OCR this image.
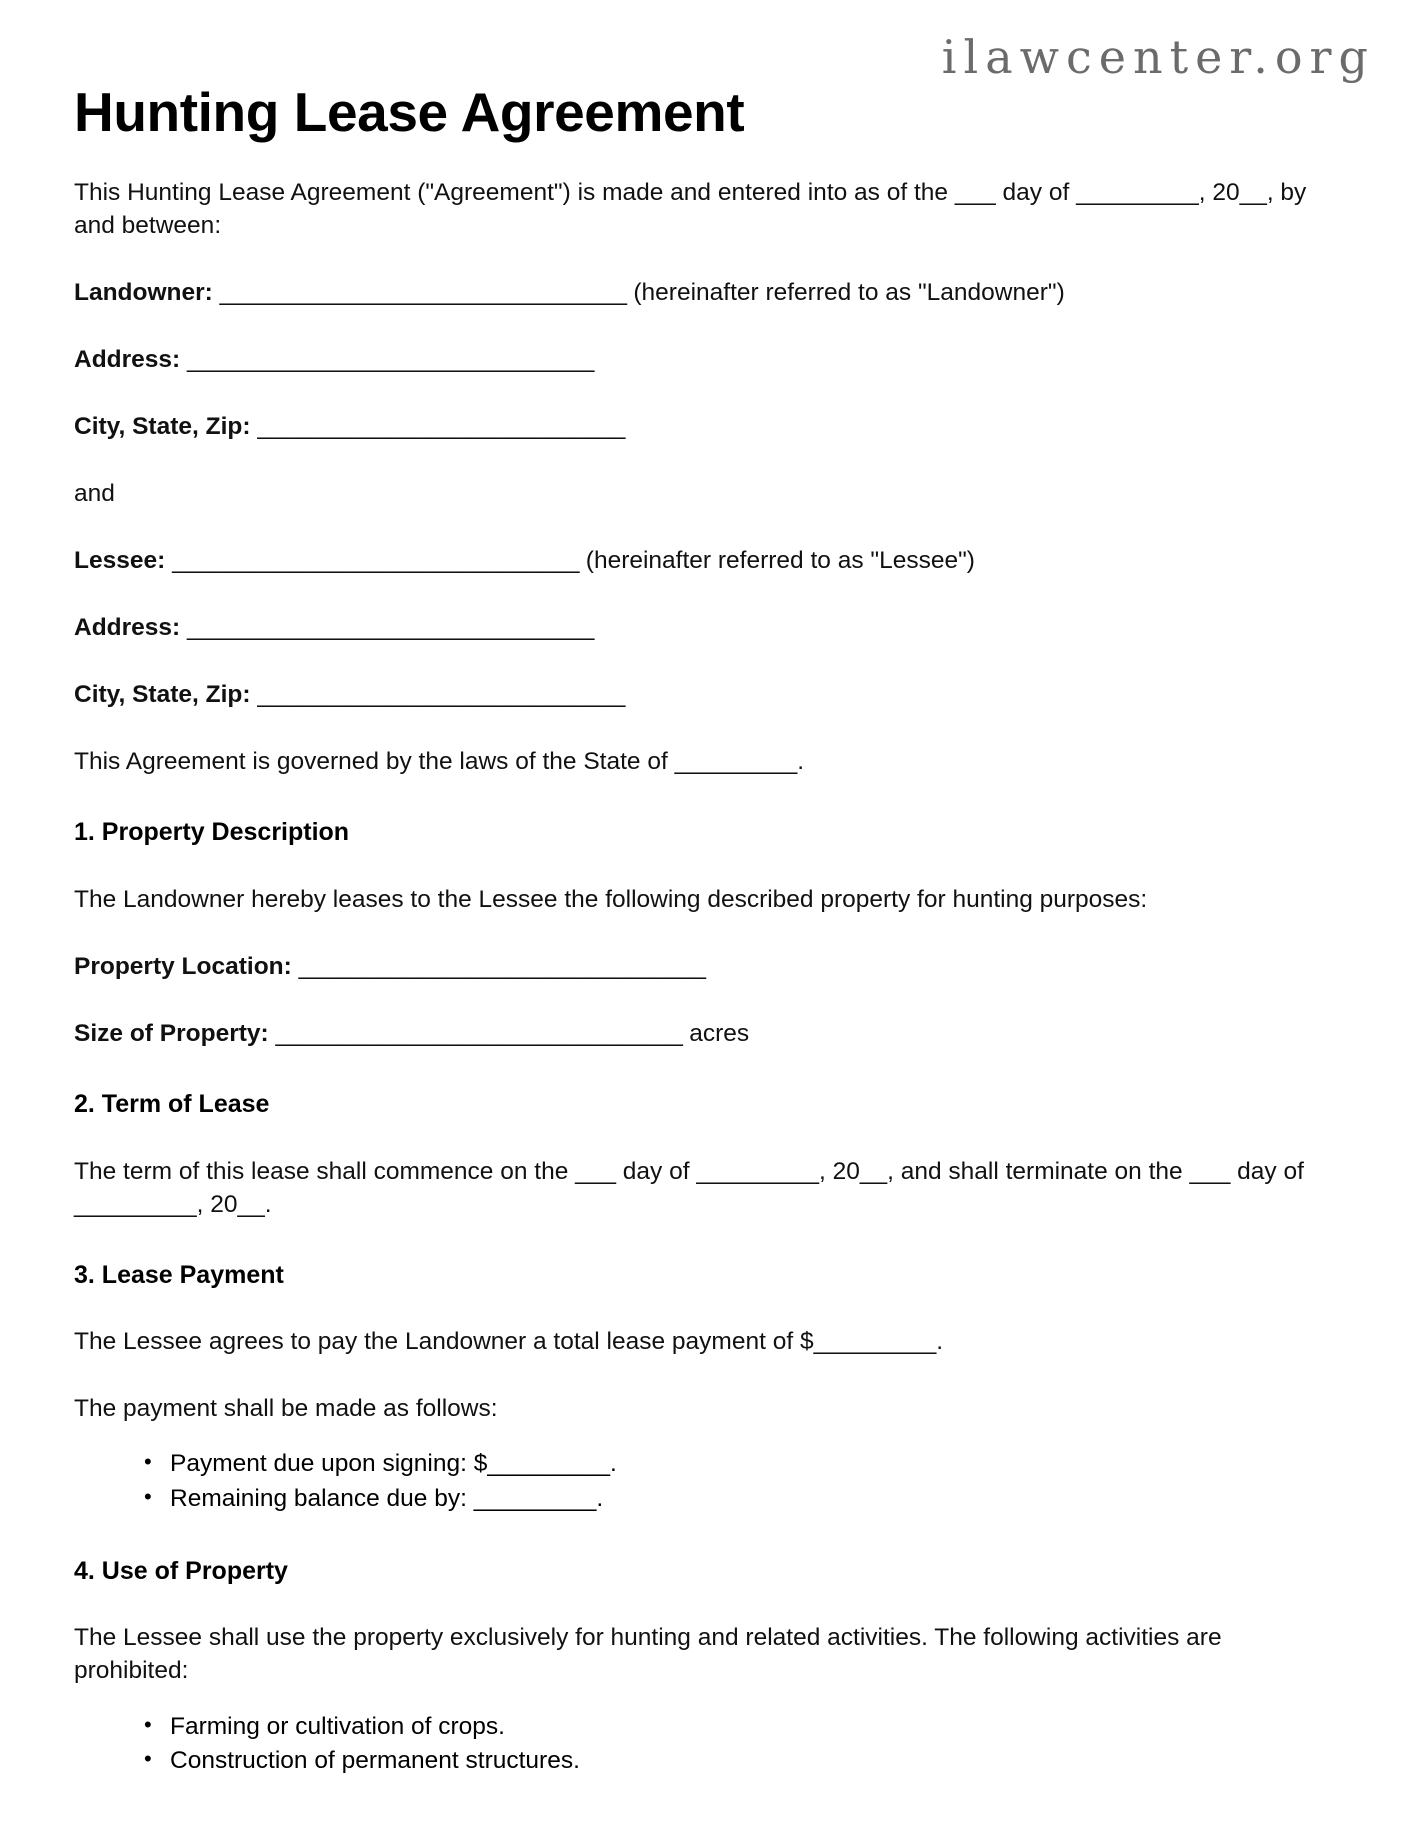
ilawcenter.org
Hunting Lease Agreement

This Hunting Lease Agreement ("Agreement") is made and entered into as of the ___ day of _________, 20__, by and between:

Landowner: _______________________________ (hereinafter referred to as "Landowner")

Address: _______________________________

City, State, Zip: ____________________________

and

Lessee: _______________________________ (hereinafter referred to as "Lessee")

Address: _______________________________

City, State, Zip: ____________________________

This Agreement is governed by the laws of the State of _________.

1. Property Description

The Landowner hereby leases to the Lessee the following described property for hunting purposes:

Property Location: _______________________________

Size of Property: _______________________________ acres

2. Term of Lease

The term of this lease shall commence on the ___ day of _________, 20__, and shall terminate on the ___ day of _________, 20__.

3. Lease Payment

The Lessee agrees to pay the Landowner a total lease payment of $_________.

The payment shall be made as follows:

• Payment due upon signing: $_________.
• Remaining balance due by: _________.
4. Use of Property

The Lessee shall use the property exclusively for hunting and related activities. The following activities are prohibited:

• Farming or cultivation of crops.
• Construction of permanent structures.
